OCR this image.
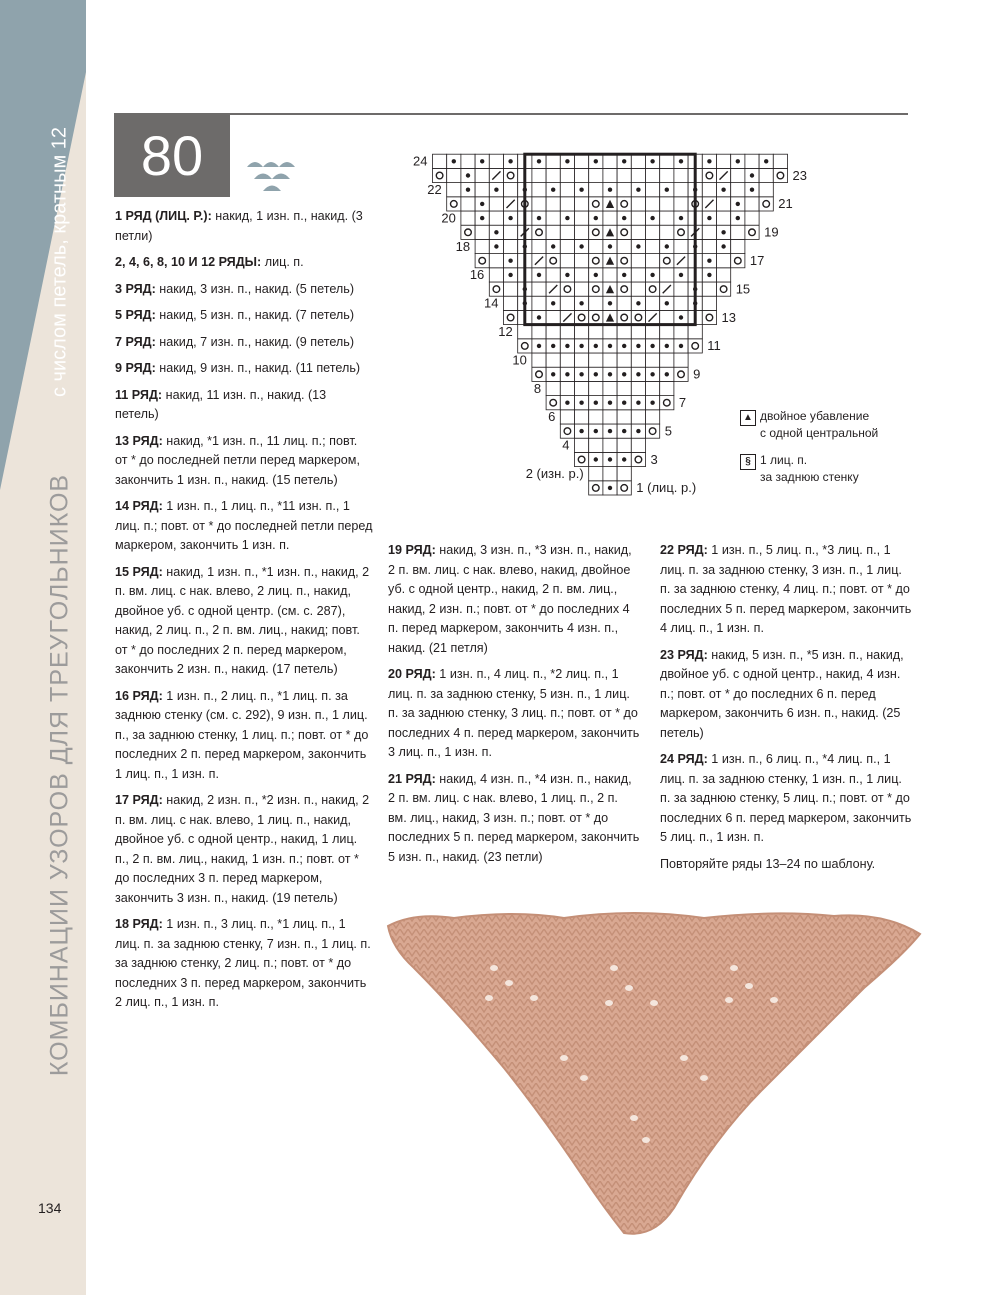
с числом петель, кратным 12
КОМБИНАЦИИ УЗОРОВ ДЛЯ ТРЕУГОЛЬНИКОВ
134
80

1 РЯД (ЛИЦ. Р.): накид, 1 изн. п., накид. (3 петли)

2, 4, 6, 8, 10 И 12 РЯДЫ: лиц. п.

3 РЯД: накид, 3 изн. п., накид. (5 петель)

5 РЯД: накид, 5 изн. п., накид. (7 петель)

7 РЯД: накид, 7 изн. п., накид. (9 петель)

9 РЯД: накид, 9 изн. п., накид. (11 петель)

11 РЯД: накид, 11 изн. п., накид. (13 петель)

13 РЯД: накид, *1 изн. п., 11 лиц. п.; повт. от * до последней петли перед маркером, закончить 1 изн. п., накид. (15 петель)

14 РЯД: 1 изн. п., 1 лиц. п., *11 изн. п., 1 лиц. п.; повт. от * до последней петли перед маркером, закончить 1 изн. п.

15 РЯД: накид, 1 изн. п., *1 изн. п., накид, 2 п. вм. лиц. с нак. влево, 2 лиц. п., накид, двойное уб. с одной центр. (см. с. 287), накид, 2 лиц. п., 2 п. вм. лиц., накид; повт. от * до последних 2 п. перед маркером, закончить 2 изн. п., накид. (17 петель)

16 РЯД: 1 изн. п., 2 лиц. п., *1 лиц. п. за заднюю стенку (см. с. 292), 9 изн. п., 1 лиц. п., за заднюю стенку, 1 лиц. п.; повт. от * до последних 2 п. перед маркером, закончить 1 лиц. п., 1 изн. п.

17 РЯД: накид, 2 изн. п., *2 изн. п., накид, 2 п. вм. лиц. с нак. влево, 1 лиц. п., накид, двойное уб. с одной центр., накид, 1 лиц. п., 2 п. вм. лиц., накид, 1 изн. п.; повт. от * до последних 3 п. перед маркером, закончить 3 изн. п., накид. (19 петель)

18 РЯД: 1 изн. п., 3 лиц. п., *1 лиц. п., 1 лиц. п. за заднюю стенку, 7 изн. п., 1 лиц. п. за заднюю стенку, 2 лиц. п.; повт. от * до последних 3 п. перед маркером, закончить 2 лиц. п., 1 изн. п.

19 РЯД: накид, 3 изн. п., *3 изн. п., накид, 2 п. вм. лиц. с нак. влево, накид, двойное уб. с одной центр., накид, 2 п. вм. лиц., накид, 2 изн. п.; повт. от * до последних 4 п. перед маркером, закончить 4 изн. п., накид. (21 петля)

20 РЯД: 1 изн. п., 4 лиц. п., *2 лиц. п., 1 лиц. п. за заднюю стенку, 5 изн. п., 1 лиц. п. за заднюю стенку, 3 лиц. п.; повт. от * до последних 4 п. перед маркером, закончить 3 лиц. п., 1 изн. п.

21 РЯД: накид, 4 изн. п., *4 изн. п., накид, 2 п. вм. лиц. с нак. влево, 1 лиц. п., 2 п. вм. лиц., накид, 3 изн. п.; повт. от * до последних 5 п. перед маркером, закончить 5 изн. п., накид. (23 петли)

22 РЯД: 1 изн. п., 5 лиц. п., *3 лиц. п., 1 лиц. п. за заднюю стенку, 3 изн. п., 1 лиц. п. за заднюю стенку, 4 лиц. п.; повт. от * до последних 5 п. перед маркером, закончить 4 лиц. п., 1 изн. п.

23 РЯД: накид, 5 изн. п., *5 изн. п., накид, двойное уб. с одной центр., накид, 4 изн. п.; повт. от * до последних 6 п. перед маркером, закончить 6 изн. п., накид. (25 петель)

24 РЯД: 1 изн. п., 6 лиц. п., *4 лиц. п., 1 лиц. п. за заднюю стенку, 1 изн. п., 1 лиц. п. за заднюю стенку, 5 лиц. п.; повт. от * до последних 6 п. перед маркером, закончить 5 лиц. п., 1 изн. п.

Повторяйте ряды 13–24 по шаблону.

1 (лиц. р.)
3
5
7
9
11
13
15
17
19
21
23
2 (изн. р.)
4
6
8
10
12
14
16
18
20
22
24
▲ двойное убавление
с одной центральной
§ 1 лиц. п.
за заднюю стенку
